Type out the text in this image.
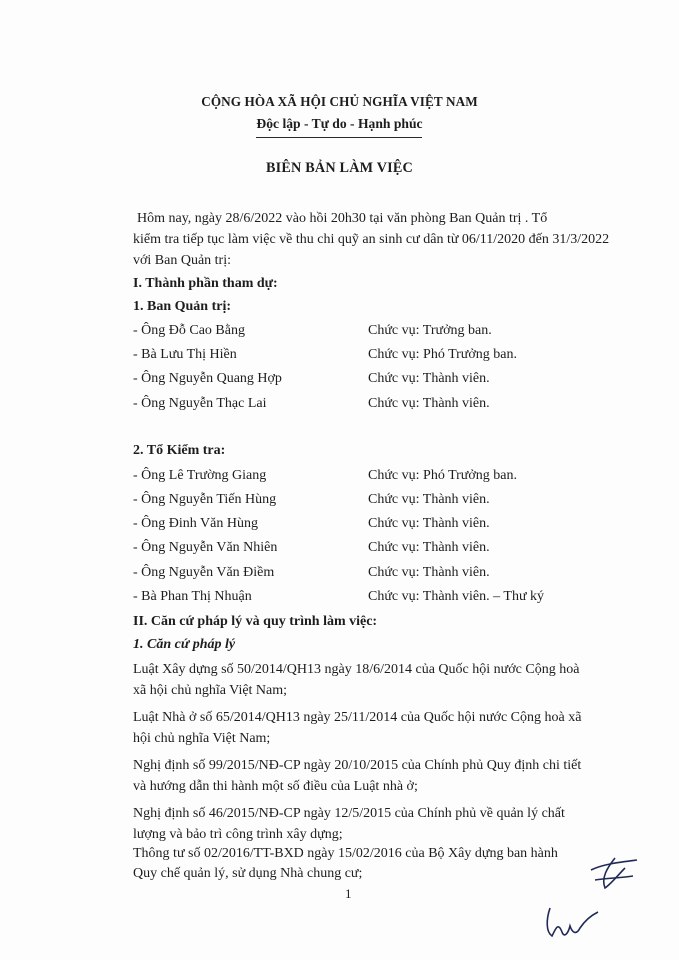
CỘNG HÒA XÃ HỘI CHỦ NGHĨA VIỆT NAM
Độc lập - Tự do - Hạnh phúc
BIÊN BẢN LÀM VIỆC
Hôm nay, ngày 28/6/2022 vào hồi 20h30 tại văn phòng Ban Quản trị . Tổ
kiểm tra tiếp tục làm việc về thu chi quỹ an sinh cư dân từ 06/11/2020 đến 31/3/2022
với Ban Quản trị:
I. Thành phần tham dự:
1. Ban Quản trị:
- Ông Đỗ Cao Bằng	Chức vụ: Trưởng ban.
- Bà Lưu Thị Hiền	Chức vụ: Phó Trưởng ban.
- Ông Nguyễn Quang Hợp	Chức vụ: Thành viên.
- Ông Nguyễn Thạc Lai	Chức vụ: Thành viên.
2. Tổ Kiểm tra:
- Ông Lê Trường Giang	Chức vụ: Phó Trưởng ban.
- Ông Nguyễn Tiến Hùng	Chức vụ: Thành viên.
- Ông Đinh Văn Hùng	Chức vụ: Thành viên.
- Ông Nguyễn Văn Nhiên	Chức vụ: Thành viên.
- Ông Nguyễn Văn Điềm	Chức vụ: Thành viên.
- Bà Phan Thị Nhuận	Chức vụ: Thành viên. – Thư ký
II. Căn cứ pháp lý và quy trình làm việc:
1. Căn cứ pháp lý
Luật Xây dựng số 50/2014/QH13 ngày 18/6/2014 của Quốc hội nước Cộng hoà
xã hội chủ nghĩa Việt Nam;
Luật Nhà ở số 65/2014/QH13 ngày 25/11/2014 của Quốc hội nước Cộng hoà xã
hội chủ nghĩa Việt Nam;
Nghị định số 99/2015/NĐ-CP ngày 20/10/2015 của Chính phủ Quy định chi tiết
và hướng dẫn thi hành một số điều của Luật nhà ở;
Nghị định số 46/2015/NĐ-CP ngày 12/5/2015 của Chính phủ về quản lý chất
lượng và bảo trì công trình xây dựng;
Thông tư số 02/2016/TT-BXD ngày 15/02/2016 của Bộ Xây dựng ban hành
Quy chế quản lý, sử dụng Nhà chung cư;
1
